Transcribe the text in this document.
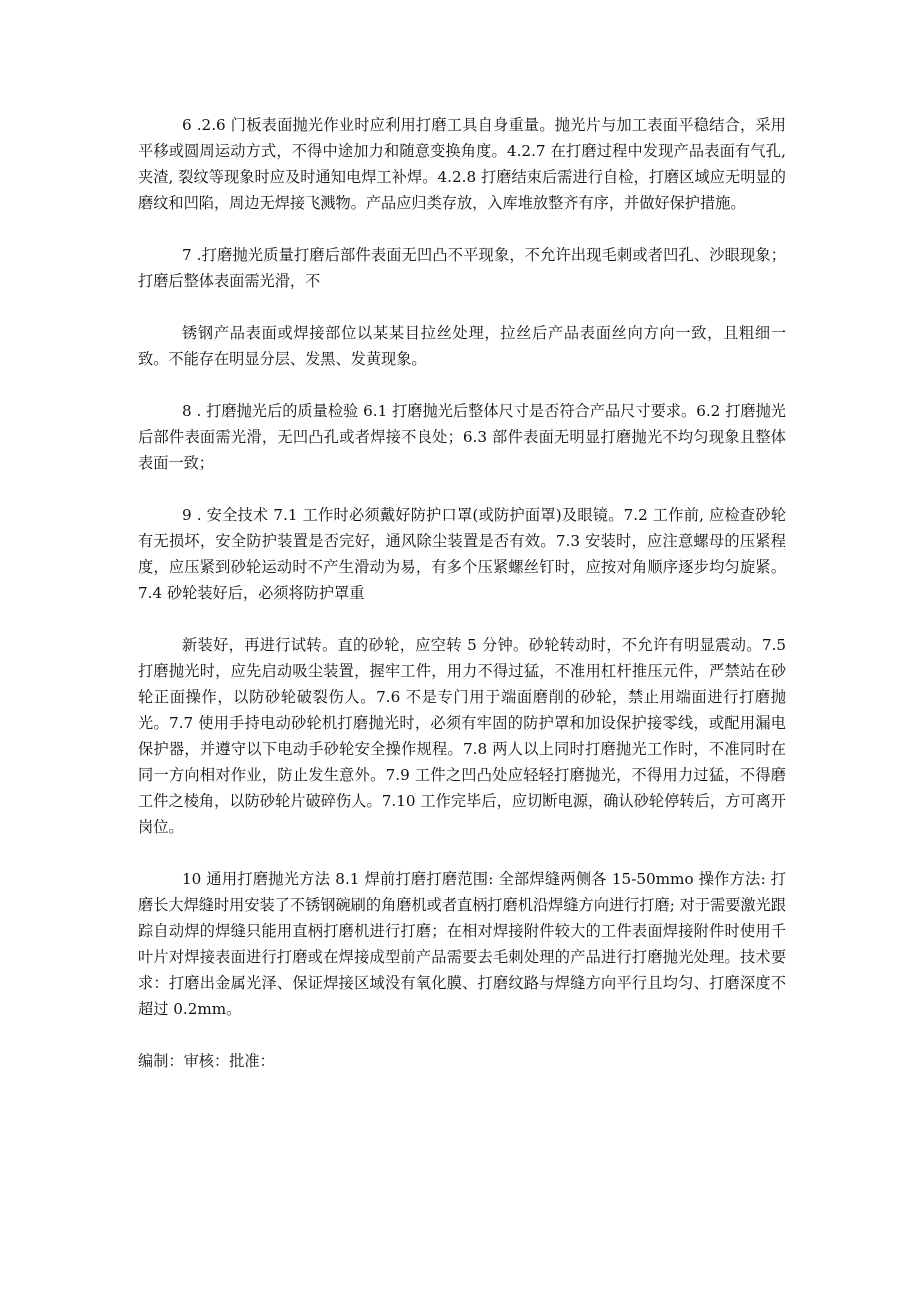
6 .2.6 门板表面抛光作业时应利用打磨工具自身重量。抛光片与加工表面平稳结合，采用平移或圆周运动方式，不得中途加力和随意变换角度。4.2.7 在打磨过程中发现产品表面有气孔, 夹渣, 裂纹等现象时应及时通知电焊工补焊。4.2.8 打磨结束后需进行自检，打磨区域应无明显的磨纹和凹陷，周边无焊接飞溅物。产品应归类存放，入库堆放整齐有序，并做好保护措施。

7 .打磨抛光质量打磨后部件表面无凹凸不平现象，不允许出现毛刺或者凹孔、沙眼现象；打磨后整体表面需光滑，不

锈钢产品表面或焊接部位以某某目拉丝处理，拉丝后产品表面丝向方向一致，且粗细一致。不能存在明显分层、发黑、发黄现象。

8 . 打磨抛光后的质量检验 6.1 打磨抛光后整体尺寸是否符合产品尺寸要求。6.2 打磨抛光后部件表面需光滑，无凹凸孔或者焊接不良处；6.3 部件表面无明显打磨抛光不均匀现象且整体表面一致；

9 . 安全技术 7.1 工作时必须戴好防护口罩(或防护面罩)及眼镜。7.2 工作前, 应检查砂轮有无损坏，安全防护装置是否完好，通风除尘装置是否有效。7.3 安装时，应注意螺母的压紧程度，应压紧到砂轮运动时不产生滑动为易，有多个压紧螺丝钉时，应按对角顺序逐步均匀旋紧。7.4 砂轮装好后，必须将防护罩重

新装好，再进行试转。直的砂轮，应空转 5 分钟。砂轮转动时，不允许有明显震动。7.5 打磨抛光时，应先启动吸尘装置，握牢工件，用力不得过猛，不准用杠杆推压元件，严禁站在砂轮正面操作，以防砂轮破裂伤人。7.6 不是专门用于端面磨削的砂轮，禁止用端面进行打磨抛光。7.7 使用手持电动砂轮机打磨抛光时，必须有牢固的防护罩和加设保护接零线，或配用漏电保护器，并遵守以下电动手砂轮安全操作规程。7.8 两人以上同时打磨抛光工作时，不准同时在同一方向相对作业，防止发生意外。7.9 工件之凹凸处应轻轻打磨抛光，不得用力过猛，不得磨工件之棱角，以防砂轮片破碎伤人。7.10 工作完毕后，应切断电源，确认砂轮停转后，方可离开岗位。

10 通用打磨抛光方法 8.1 焊前打磨打磨范围: 全部焊缝两侧各 15-50mmo 操作方法: 打磨长大焊缝时用安装了不锈钢碗刷的角磨机或者直柄打磨机沿焊缝方向进行打磨; 对于需要激光跟踪自动焊的焊缝只能用直柄打磨机进行打磨；在相对焊接附件较大的工件表面焊接附件时使用千叶片对焊接表面进行打磨或在焊接成型前产品需要去毛刺处理的产品进行打磨抛光处理。技术要求：打磨出金属光泽、保证焊接区域没有氧化膜、打磨纹路与焊缝方向平行且均匀、打磨深度不超过 0.2mm。

编制：审核：批准：
